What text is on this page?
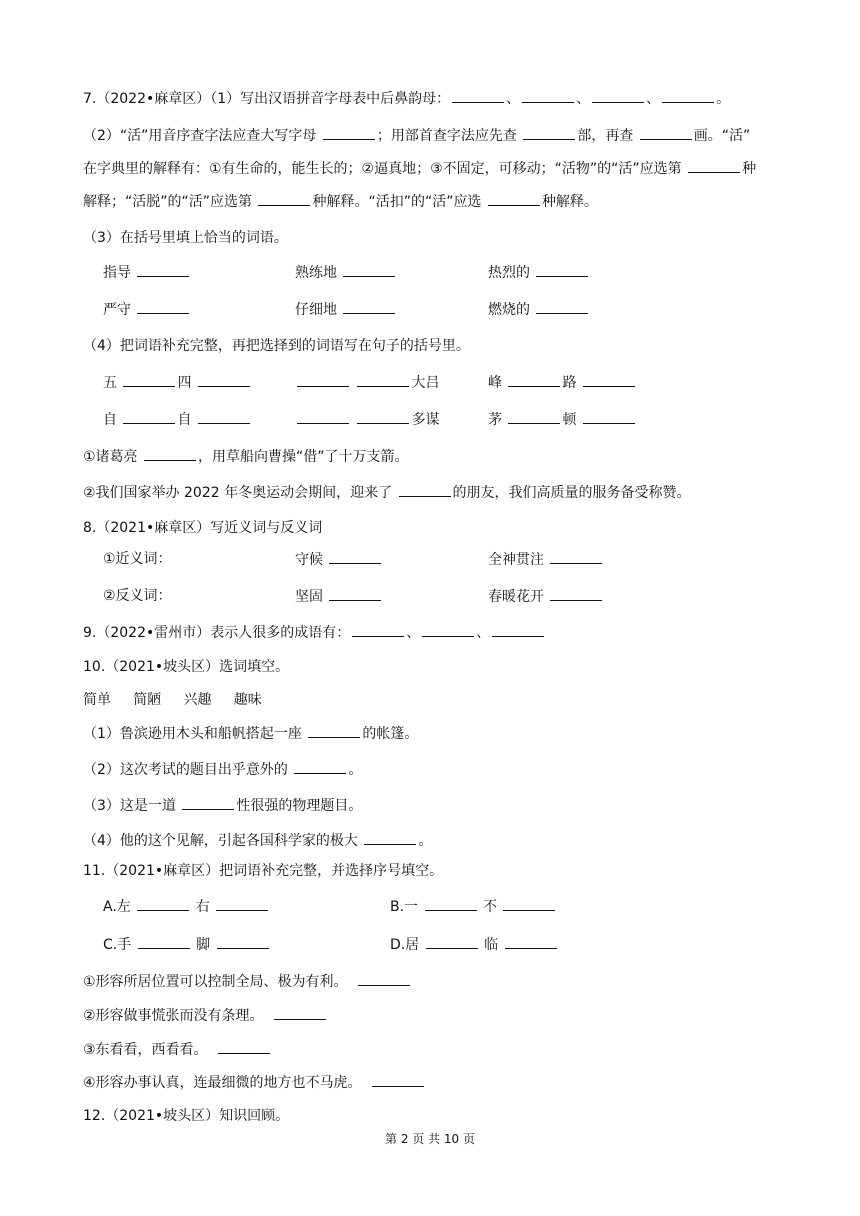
7.（2022•麻章区）（1）写出汉语拼音字母表中后鼻韵母：	、	、	、	。
（2）“活”用音序查字法应查大写字母	；用部首查字法应先查	部，再查	画。“活”
在字典里的解释有：①有生命的，能生长的；②逼真地；③不固定，可移动；“活物”的“活”应选第	种
解释；“活脱”的“活”应选第	种解释。“活扣”的“活”应选	种解释。
（3）在括号里填上恰当的词语。
指导	熟练地	热烈的
严守	仔细地	燃烧的
（4）把词语补充完整，再把选择到的词语写在句子的括号里。
五	四	大吕	峰	路
自	自	多谋	茅	顿
①诸葛亮	，用草船向曹操“借”了十万支箭。
②我们国家举办 2022 年冬奥运动会期间，迎来了	的朋友，我们高质量的服务备受称赞。
8.（2021•麻章区）写近义词与反义词
①近义词：	守候	全神贯注
②反义词：	坚固	春暖花开
9.（2022•雷州市）表示人很多的成语有：	、	、
10.（2021•坡头区）选词填空。
简单 简陋 兴趣 趣味
（1）鲁滨逊用木头和船帆搭起一座	的帐篷。
（2）这次考试的题目出乎意外的	。
（3）这是一道	性很强的物理题目。
（4）他的这个见解，引起各国科学家的极大	。
11.（2021•麻章区）把词语补充完整，并选择序号填空。
A.左	右	B.一	不
C.手	脚	D.居	临
①形容所居位置可以控制全局、极为有利。
②形容做事慌张而没有条理。
③东看看，西看看。
④形容办事认真，连最细微的地方也不马虎。
12.（2021•坡头区）知识回顾。
第 2 页 共 10 页
